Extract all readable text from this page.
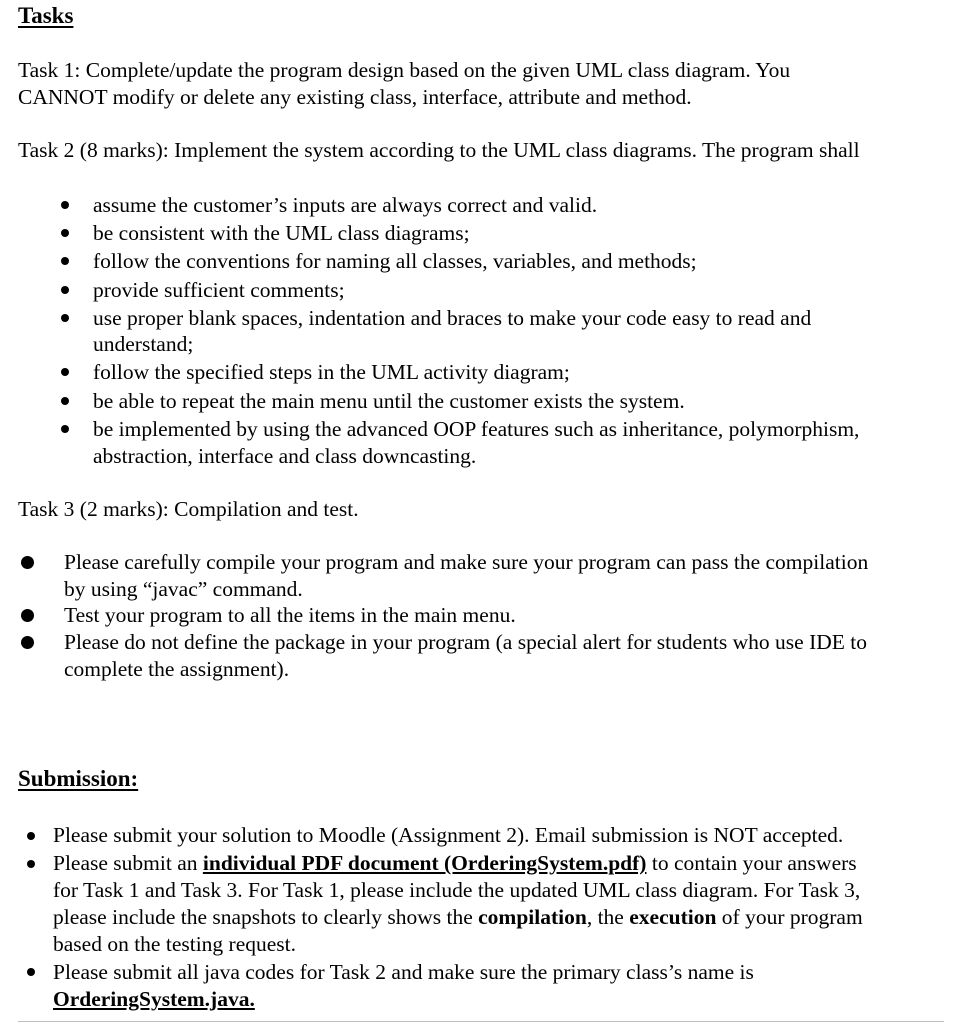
Tasks
Task 1: Complete/update the program design based on the given UML class diagram. You
CANNOT modify or delete any existing class, interface, attribute and method.
Task 2 (8 marks): Implement the system according to the UML class diagrams. The program shall
assume the customer’s inputs are always correct and valid.
be consistent with the UML class diagrams;
follow the conventions for naming all classes, variables, and methods;
provide sufficient comments;
use proper blank spaces, indentation and braces to make your code easy to read and
understand;
follow the specified steps in the UML activity diagram;
be able to repeat the main menu until the customer exists the system.
be implemented by using the advanced OOP features such as inheritance, polymorphism,
abstraction, interface and class downcasting.
Task 3 (2 marks): Compilation and test.
Please carefully compile your program and make sure your program can pass the compilation
by using “javac” command.
Test your program to all the items in the main menu.
Please do not define the package in your program (a special alert for students who use IDE to
complete the assignment).
Submission:
Please submit your solution to Moodle (Assignment 2). Email submission is NOT accepted.
Please submit an individual PDF document (OrderingSystem.pdf) to contain your answers
for Task 1 and Task 3. For Task 1, please include the updated UML class diagram. For Task 3,
please include the snapshots to clearly shows the compilation, the execution of your program
based on the testing request.
Please submit all java codes for Task 2 and make sure the primary class’s name is
OrderingSystem.java.
